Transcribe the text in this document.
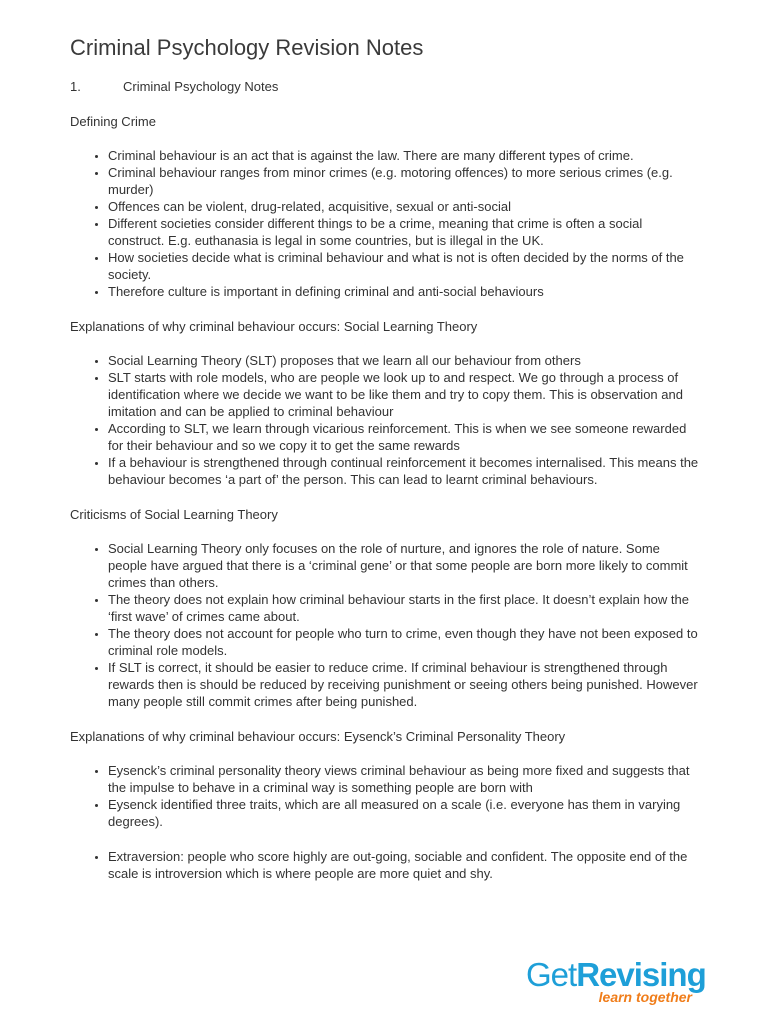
Criminal Psychology Revision Notes
1.	Criminal Psychology Notes
Defining Crime
• Criminal behaviour is an act that is against the law. There are many different types of crime.
• Criminal behaviour ranges from minor crimes (e.g. motoring offences) to more serious crimes (e.g. murder)
• Offences can be violent, drug-related, acquisitive, sexual or anti-social
• Different societies consider different things to be a crime, meaning that crime is often a social construct. E.g. euthanasia is legal in some countries, but is illegal in the UK.
• How societies decide what is criminal behaviour and what is not is often decided by the norms of the society.
• Therefore culture is important in defining criminal and anti-social behaviours
Explanations of why criminal behaviour occurs: Social Learning Theory
• Social Learning Theory (SLT) proposes that we learn all our behaviour from others
• SLT starts with role models, who are people we look up to and respect. We go through a process of identification where we decide we want to be like them and try to copy them. This is observation and imitation and can be applied to criminal behaviour
• According to SLT, we learn through vicarious reinforcement. This is when we see someone rewarded for their behaviour and so we copy it to get the same rewards
• If a behaviour is strengthened through continual reinforcement it becomes internalised. This means the behaviour becomes ‘a part of’ the person. This can lead to learnt criminal behaviours.
Criticisms of Social Learning Theory
• Social Learning Theory only focuses on the role of nurture, and ignores the role of nature. Some people have argued that there is a ‘criminal gene’ or that some people are born more likely to commit crimes than others.
• The theory does not explain how criminal behaviour starts in the first place. It doesn’t explain how the ‘first wave’ of crimes came about.
• The theory does not account for people who turn to crime, even though they have not been exposed to criminal role models.
• If SLT is correct, it should be easier to reduce crime. If criminal behaviour is strengthened through rewards then is should be reduced by receiving punishment or seeing others being punished. However many people still commit crimes after being punished.
Explanations of why criminal behaviour occurs: Eysenck’s Criminal Personality Theory
• Eysenck’s criminal personality theory views criminal behaviour as being more fixed and suggests that the impulse to behave in a criminal way is something people are born with
• Eysenck identified three traits, which are all measured on a scale (i.e. everyone has them in varying degrees).
• Extraversion: people who score highly are out-going, sociable and confident. The opposite end of the scale is introversion which is where people are more quiet and shy.
GetRevising
learn together
